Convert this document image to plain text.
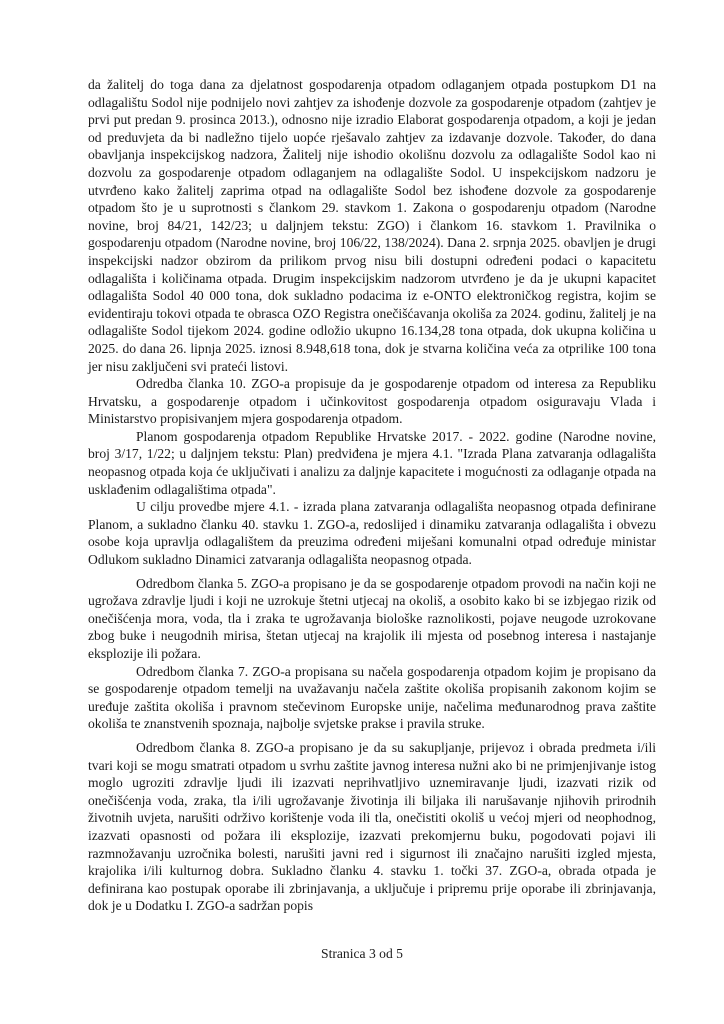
da žalitelj do toga dana za djelatnost gospodarenja otpadom odlaganjem otpada postupkom D1 na odlagalištu Sodol nije podnijelo novi zahtjev za ishođenje dozvole za gospodarenje otpadom (zahtjev je prvi put predan 9. prosinca 2013.), odnosno nije izradio Elaborat gospodarenja otpadom, a koji je jedan od preduvjeta da bi nadležno tijelo uopće rješavalo zahtjev za izdavanje dozvole. Također, do dana obavljanja inspekcijskog nadzora, Žalitelj nije ishodio okolišnu dozvolu za odlagalište Sodol kao ni dozvolu za gospodarenje otpadom odlaganjem na odlagalište Sodol. U inspekcijskom nadzoru je utvrđeno kako žalitelj zaprima otpad na odlagalište Sodol bez ishođene dozvole za gospodarenje otpadom što je u suprotnosti s člankom 29. stavkom 1. Zakona o gospodarenju otpadom (Narodne novine, broj 84/21, 142/23; u daljnjem tekstu: ZGO) i člankom 16. stavkom 1. Pravilnika o gospodarenju otpadom (Narodne novine, broj 106/22, 138/2024). Dana 2. srpnja 2025. obavljen je drugi inspekcijski nadzor obzirom da prilikom prvog nisu bili dostupni određeni podaci o kapacitetu odlagališta i količinama otpada. Drugim inspekcijskim nadzorom utvrđeno je da je ukupni kapacitet odlagališta Sodol 40 000 tona, dok sukladno podacima iz e-ONTO elektroničkog registra, kojim se evidentiraju tokovi otpada te obrasca OZO Registra onečišćavanja okoliša za 2024. godinu, žalitelj je na odlagalište Sodol tijekom 2024. godine odložio ukupno 16.134,28 tona otpada, dok ukupna količina u 2025. do dana 26. lipnja 2025. iznosi 8.948,618 tona, dok je stvarna količina veća za otprilike 100 tona jer nisu zaključeni svi prateći listovi.

Odredba članka 10. ZGO-a propisuje da je gospodarenje otpadom od interesa za Republiku Hrvatsku, a gospodarenje otpadom i učinkovitost gospodarenja otpadom osiguravaju Vlada i Ministarstvo propisivanjem mjera gospodarenja otpadom.

Planom gospodarenja otpadom Republike Hrvatske 2017. - 2022. godine (Narodne novine, broj 3/17, 1/22; u daljnjem tekstu: Plan) predviđena je mjera 4.1. "Izrada Plana zatvaranja odlagališta neopasnog otpada koja će uključivati i analizu za daljnje kapacitete i mogućnosti za odlaganje otpada na usklađenim odlagalištima otpada".

U cilju provedbe mjere 4.1. - izrada plana zatvaranja odlagališta neopasnog otpada definirane Planom, a sukladno članku 40. stavku 1. ZGO-a, redoslijed i dinamiku zatvaranja odlagališta i obvezu osobe koja upravlja odlagalištem da preuzima određeni miješani komunalni otpad određuje ministar Odlukom sukladno Dinamici zatvaranja odlagališta neopasnog otpada.

Odredbom članka 5. ZGO-a propisano je da se gospodarenje otpadom provodi na način koji ne ugrožava zdravlje ljudi i koji ne uzrokuje štetni utjecaj na okoliš, a osobito kako bi se izbjegao rizik od onečišćenja mora, voda, tla i zraka te ugrožavanja biološke raznolikosti, pojave neugode uzrokovane zbog buke i neugodnih mirisa, štetan utjecaj na krajolik ili mjesta od posebnog interesa i nastajanje eksplozije ili požara.

Odredbom članka 7. ZGO-a propisana su načela gospodarenja otpadom kojim je propisano da se gospodarenje otpadom temelji na uvažavanju načela zaštite okoliša propisanih zakonom kojim se uređuje zaštita okoliša i pravnom stečevinom Europske unije, načelima međunarodnog prava zaštite okoliša te znanstvenih spoznaja, najbolje svjetske prakse i pravila struke.

Odredbom članka 8. ZGO-a propisano je da su sakupljanje, prijevoz i obrada predmeta i/ili tvari koji se mogu smatrati otpadom u svrhu zaštite javnog interesa nužni ako bi ne primjenjivanje istog moglo ugroziti zdravlje ljudi ili izazvati neprihvatljivo uznemiravanje ljudi, izazvati rizik od onečišćenja voda, zraka, tla i/ili ugrožavanje životinja ili biljaka ili narušavanje njihovih prirodnih životnih uvjeta, narušiti održivo korištenje voda ili tla, onečistiti okoliš u većoj mjeri od neophodnog, izazvati opasnosti od požara ili eksplozije, izazvati prekomjernu buku, pogodovati pojavi ili razmnožavanju uzročnika bolesti, narušiti javni red i sigurnost ili značajno narušiti izgled mjesta, krajolika i/ili kulturnog dobra. Sukladno članku 4. stavku 1. točki 37. ZGO-a, obrada otpada je definirana kao postupak oporabe ili zbrinjavanja, a uključuje i pripremu prije oporabe ili zbrinjavanja, dok je u Dodatku I. ZGO-a sadržan popis

Stranica 3 od 5
